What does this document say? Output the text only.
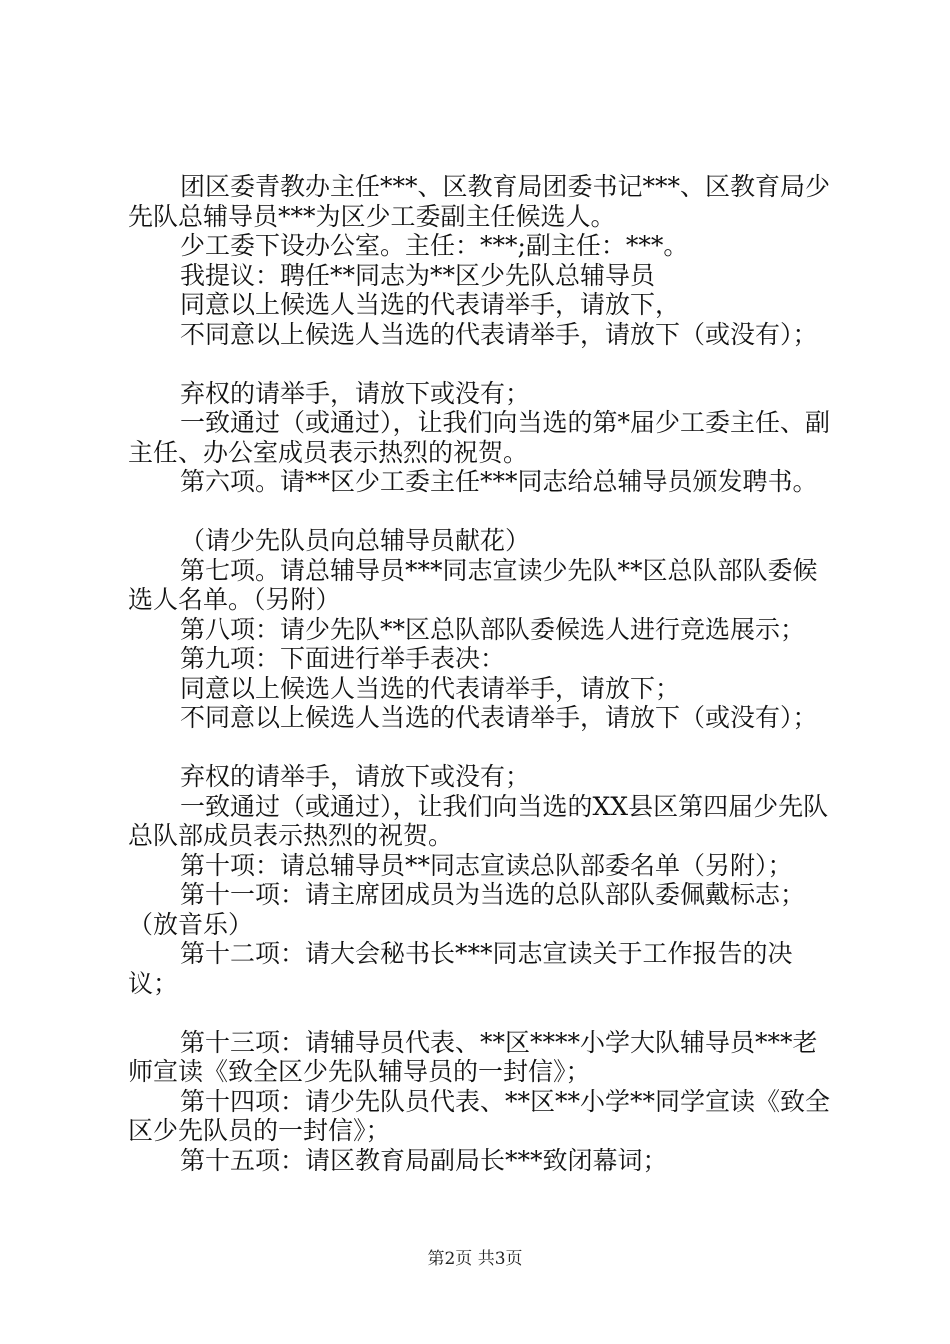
团区委青教办主任***、区教育局团委书记***、区教育局少先队总辅导员***为区少工委副主任候选人。

少工委下设办公室。主任：***;副主任：***。

我提议：聘任**同志为**区少先队总辅导员

同意以上候选人当选的代表请举手，请放下，

不同意以上候选人当选的代表请举手，请放下（或没有）；

弃权的请举手，请放下或没有；

一致通过（或通过），让我们向当选的第*届少工委主任、副主任、办公室成员表示热烈的祝贺。

第六项。请**区少工委主任***同志给总辅导员颁发聘书。

（请少先队员向总辅导员献花）

第七项。请总辅导员***同志宣读少先队**区总队部队委候选人名单。（另附）

第八项：请少先队**区总队部队委候选人进行竞选展示；

第九项：下面进行举手表决：

同意以上候选人当选的代表请举手，请放下；

不同意以上候选人当选的代表请举手，请放下（或没有）；

弃权的请举手，请放下或没有；

一致通过（或通过），让我们向当选的XX县区第四届少先队总队部成员表示热烈的祝贺。

第十项：请总辅导员**同志宣读总队部委名单（另附）；

第十一项：请主席团成员为当选的总队部队委佩戴标志；（放音乐）

第十二项：请大会秘书长***同志宣读关于工作报告的决议；

第十三项：请辅导员代表、**区****小学大队辅导员***老师宣读《致全区少先队辅导员的一封信》；

第十四项：请少先队员代表、**区**小学**同学宣读《致全区少先队员的一封信》；

第十五项：请区教育局副局长***致闭幕词；

第2页 共3页
